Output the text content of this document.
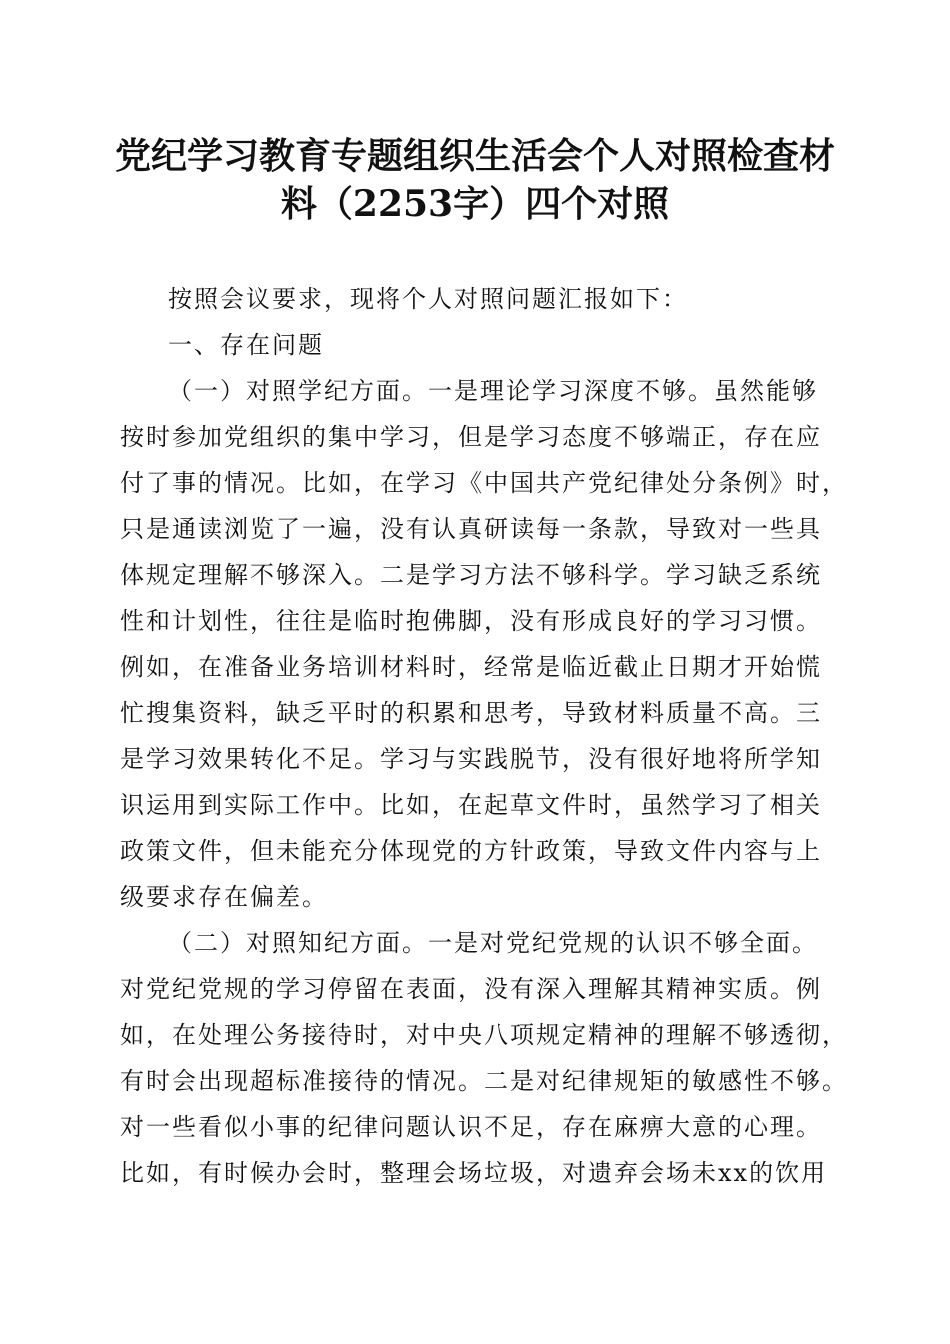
党纪学习教育专题组织生活会个人对照检查材
料（2253字）四个对照
按照会议要求，现将个人对照问题汇报如下：
一、存在问题
（一）对照学纪方面。一是理论学习深度不够。虽然能够
按时参加党组织的集中学习，但是学习态度不够端正，存在应
付了事的情况。比如，在学习《中国共产党纪律处分条例》时，
只是通读浏览了一遍，没有认真研读每一条款，导致对一些具
体规定理解不够深入。二是学习方法不够科学。学习缺乏系统
性和计划性，往往是临时抱佛脚，没有形成良好的学习习惯。
例如，在准备业务培训材料时，经常是临近截止日期才开始慌
忙搜集资料，缺乏平时的积累和思考，导致材料质量不高。三
是学习效果转化不足。学习与实践脱节，没有很好地将所学知
识运用到实际工作中。比如，在起草文件时，虽然学习了相关
政策文件，但未能充分体现党的方针政策，导致文件内容与上
级要求存在偏差。
（二）对照知纪方面。一是对党纪党规的认识不够全面。
对党纪党规的学习停留在表面，没有深入理解其精神实质。例
如，在处理公务接待时，对中央八项规定精神的理解不够透彻，
有时会出现超标准接待的情况。二是对纪律规矩的敏感性不够。
对一些看似小事的纪律问题认识不足，存在麻痹大意的心理。
比如，有时候办会时，整理会场垃圾，对遗弃会场未xx的饮用
